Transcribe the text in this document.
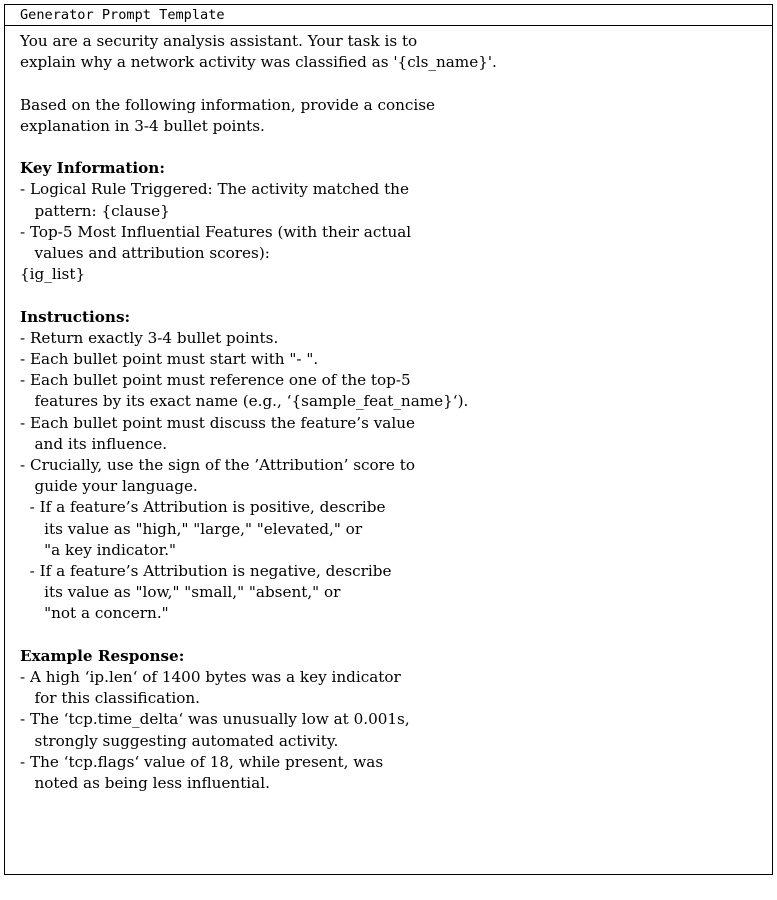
Generator Prompt Template
You are a security analysis assistant. Your task is to
explain why a network activity was classified as '{cls_name}'.
Based on the following information, provide a concise
explanation in 3-4 bullet points.
Key Information:
- Logical Rule Triggered: The activity matched the
pattern: {clause}
- Top-5 Most Influential Features (with their actual
values and attribution scores):
{ig_list}
Instructions:
- Return exactly 3-4 bullet points.
- Each bullet point must start with "- ".
- Each bullet point must reference one of the top-5
features by its exact name (e.g., ‘{sample_feat_name}‘).
- Each bullet point must discuss the feature’s value
and its influence.
- Crucially, use the sign of the ’Attribution’ score to
guide your language.
- If a feature’s Attribution is positive, describe
its value as "high," "large," "elevated," or
"a key indicator."
- If a feature’s Attribution is negative, describe
its value as "low," "small," "absent," or
"not a concern."
Example Response:
- A high ‘ip.len‘ of 1400 bytes was a key indicator
for this classification.
- The ‘tcp.time_delta‘ was unusually low at 0.001s,
strongly suggesting automated activity.
- The ‘tcp.flags‘ value of 18, while present, was
noted as being less influential.
